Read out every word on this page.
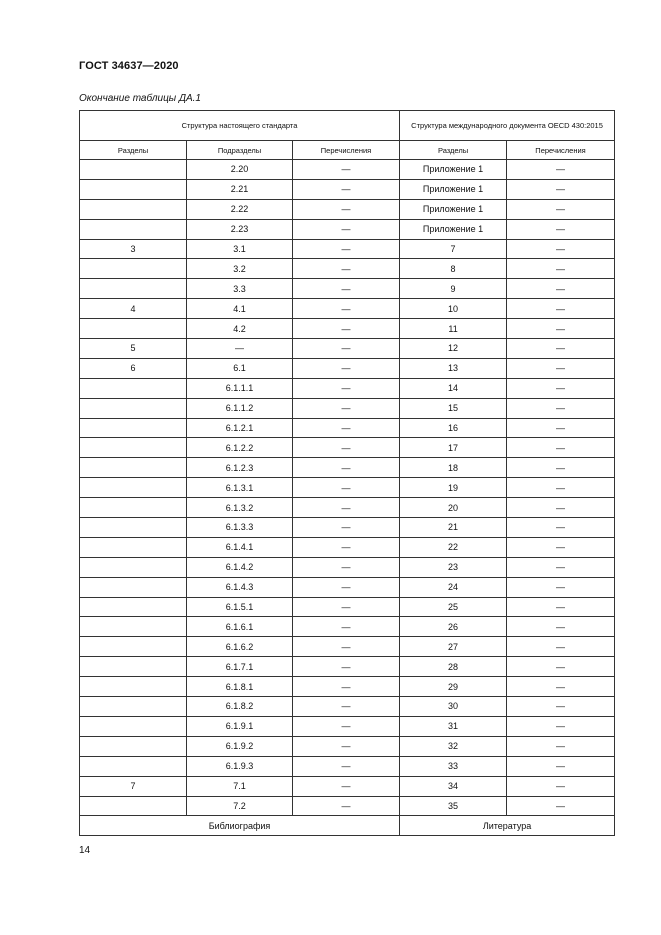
ГОСТ 34637—2020
Окончание таблицы ДА.1
Структура настоящего стандарта			Структура международного документа OECD 430:2015	
Разделы	Подразделы	Перечисления	Разделы	Перечисления
	2.20	—	Приложение 1	—
	2.21	—	Приложение 1	—
	2.22	—	Приложение 1	—
	2.23	—	Приложение 1	—
3	3.1	—	7	—
	3.2	—	8	—
	3.3	—	9	—
4	4.1	—	10	—
	4.2	—	11	—
5	—	—	12	—
6	6.1	—	13	—
	6.1.1.1	—	14	—
	6.1.1.2	—	15	—
	6.1.2.1	—	16	—
	6.1.2.2	—	17	—
	6.1.2.3	—	18	—
	6.1.3.1	—	19	—
	6.1.3.2	—	20	—
	6.1.3.3	—	21	—
	6.1.4.1	—	22	—
	6.1.4.2	—	23	—
	6.1.4.3	—	24	—
	6.1.5.1	—	25	—
	6.1.6.1	—	26	—
	6.1.6.2	—	27	—
	6.1.7.1	—	28	—
	6.1.8.1	—	29	—
	6.1.8.2	—	30	—
	6.1.9.1	—	31	—
	6.1.9.2	—	32	—
	6.1.9.3	—	33	—
7	7.1	—	34	—
	7.2	—	35	—
Библиография			Литература	
14
